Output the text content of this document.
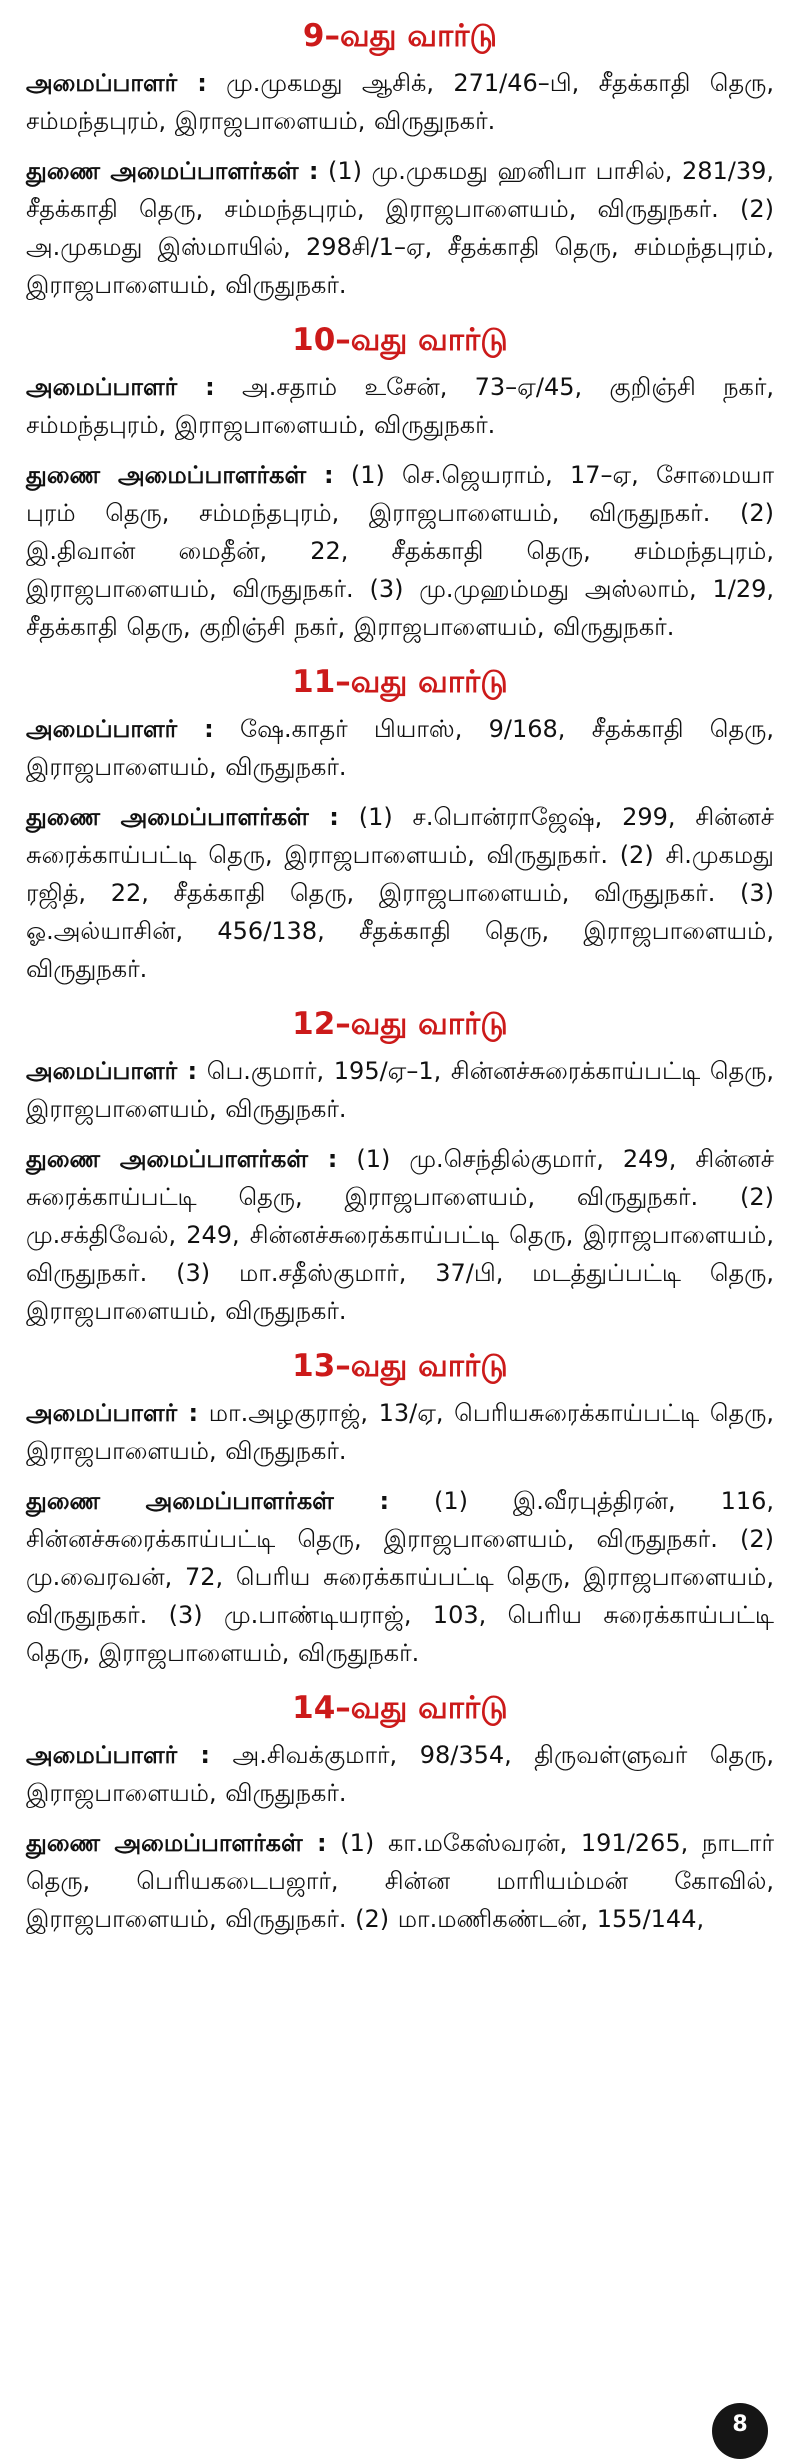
9–வது வார்டு

அமைப்பாளர் : மு.முகமது ஆசிக், 271/46–பி, சீதக்காதி தெரு, சம்மந்தபுரம், இராஜபாளையம், விருதுநகர்.

துணை அமைப்பாளர்கள் : (1) மு.முகமது ஹனிபா பாசில், 281/39, சீதக்காதி தெரு, சம்மந்தபுரம், இராஜபாளையம், விருதுநகர். (2) அ.முகமது இஸ்மாயில், 298சி/1–ஏ, சீதக்காதி தெரு, சம்மந்தபுரம், இராஜபாளையம், விருதுநகர்.

10–வது வார்டு

அமைப்பாளர் : அ.சதாம் உசேன், 73–ஏ/45, குறிஞ்சி நகர், சம்மந்தபுரம், இராஜபாளையம், விருதுநகர்.

துணை அமைப்பாளர்கள் : (1) செ.ஜெயராம், 17–ஏ, சோமையா புரம் தெரு, சம்மந்தபுரம், இராஜபாளையம், விருதுநகர். (2) இ.திவான் மைதீன், 22, சீதக்காதி தெரு, சம்மந்தபுரம், இராஜபாளையம், விருதுநகர். (3) மு.முஹம்மது அஸ்லாம், 1/29, சீதக்காதி தெரு, குறிஞ்சி நகர், இராஜபாளையம், விருதுநகர்.

11–வது வார்டு

அமைப்பாளர் : ஷே.காதர் பியாஸ், 9/168, சீதக்காதி தெரு, இராஜபாளையம், விருதுநகர்.

துணை அமைப்பாளர்கள் : (1) ச.பொன்ராஜேஷ், 299, சின்னச் சுரைக்காய்பட்டி தெரு, இராஜபாளையம், விருதுநகர். (2) சி.முகமது ரஜித், 22, சீதக்காதி தெரு, இராஜபாளையம், விருதுநகர். (3) ஓ.அல்யாசின், 456/138, சீதக்காதி தெரு, இராஜபாளையம், விருதுநகர்.

12–வது வார்டு

அமைப்பாளர் : பெ.குமார், 195/ஏ–1, சின்னச்சுரைக்காய்பட்டி தெரு, இராஜபாளையம், விருதுநகர்.

துணை அமைப்பாளர்கள் : (1) மு.செந்தில்குமார், 249, சின்னச் சுரைக்காய்பட்டி தெரு, இராஜபாளையம், விருதுநகர். (2) மு.சக்திவேல், 249, சின்னச்சுரைக்காய்பட்டி தெரு, இராஜபாளையம், விருதுநகர். (3) மா.சதீஸ்குமார், 37/பி, மடத்துப்பட்டி தெரு, இராஜபாளையம், விருதுநகர்.

13–வது வார்டு

அமைப்பாளர் : மா.அழகுராஜ், 13/ஏ, பெரியசுரைக்காய்பட்டி தெரு, இராஜபாளையம், விருதுநகர்.

துணை அமைப்பாளர்கள் : (1) இ.வீரபுத்திரன், 116, சின்னச்சுரைக்காய்பட்டி தெரு, இராஜபாளையம், விருதுநகர். (2) மு.வைரவன், 72, பெரிய சுரைக்காய்பட்டி தெரு, இராஜபாளையம், விருதுநகர். (3) மு.பாண்டியராஜ், 103, பெரிய சுரைக்காய்பட்டி தெரு, இராஜபாளையம், விருதுநகர்.

14–வது வார்டு

அமைப்பாளர் : அ.சிவக்குமார், 98/354, திருவள்ளுவர் தெரு, இராஜபாளையம், விருதுநகர்.

துணை அமைப்பாளர்கள் : (1) கா.மகேஸ்வரன், 191/265, நாடார் தெரு, பெரியகடைபஜார், சின்ன மாரியம்மன் கோவில், இராஜபாளையம், விருதுநகர். (2) மா.மணிகண்டன், 155/144,

8
